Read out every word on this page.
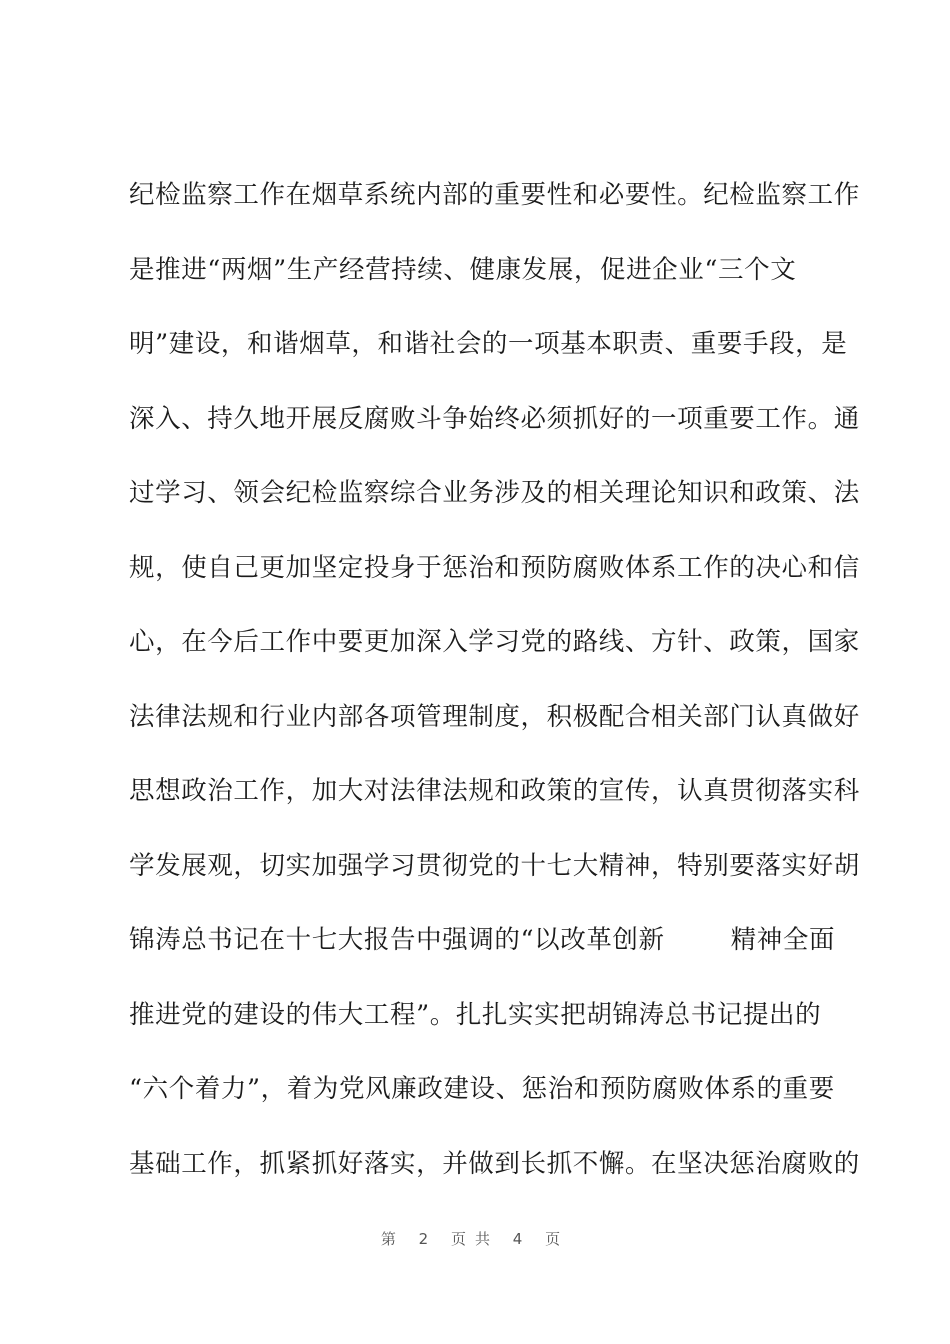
纪检监察工作在烟草系统内部的重要性和必要性。纪检监察工作
是推进“两烟”生产经营持续、健康发展，促进企业“三个文
明”建设，和谐烟草，和谐社会的一项基本职责、重要手段，是
深入、持久地开展反腐败斗争始终必须抓好的一项重要工作。通
过学习、领会纪检监察综合业务涉及的相关理论知识和政策、法
规，使自己更加坚定投身于惩治和预防腐败体系工作的决心和信
心，在今后工作中要更加深入学习党的路线、方针、政策，国家
法律法规和行业内部各项管理制度，积极配合相关部门认真做好
思想政治工作，加大对法律法规和政策的宣传，认真贯彻落实科
学发展观，切实加强学习贯彻党的十七大精神，特别要落实好胡
锦涛总书记在十七大报告中强调的“以改革创新	精神全面
推进党的建设的伟大工程”。扎扎实实把胡锦涛总书记提出的
“六个着力”，着为党风廉政建设、惩治和预防腐败体系的重要
基础工作，抓紧抓好落实，并做到长抓不懈。在坚决惩治腐败的
第 2 页共 4 页
